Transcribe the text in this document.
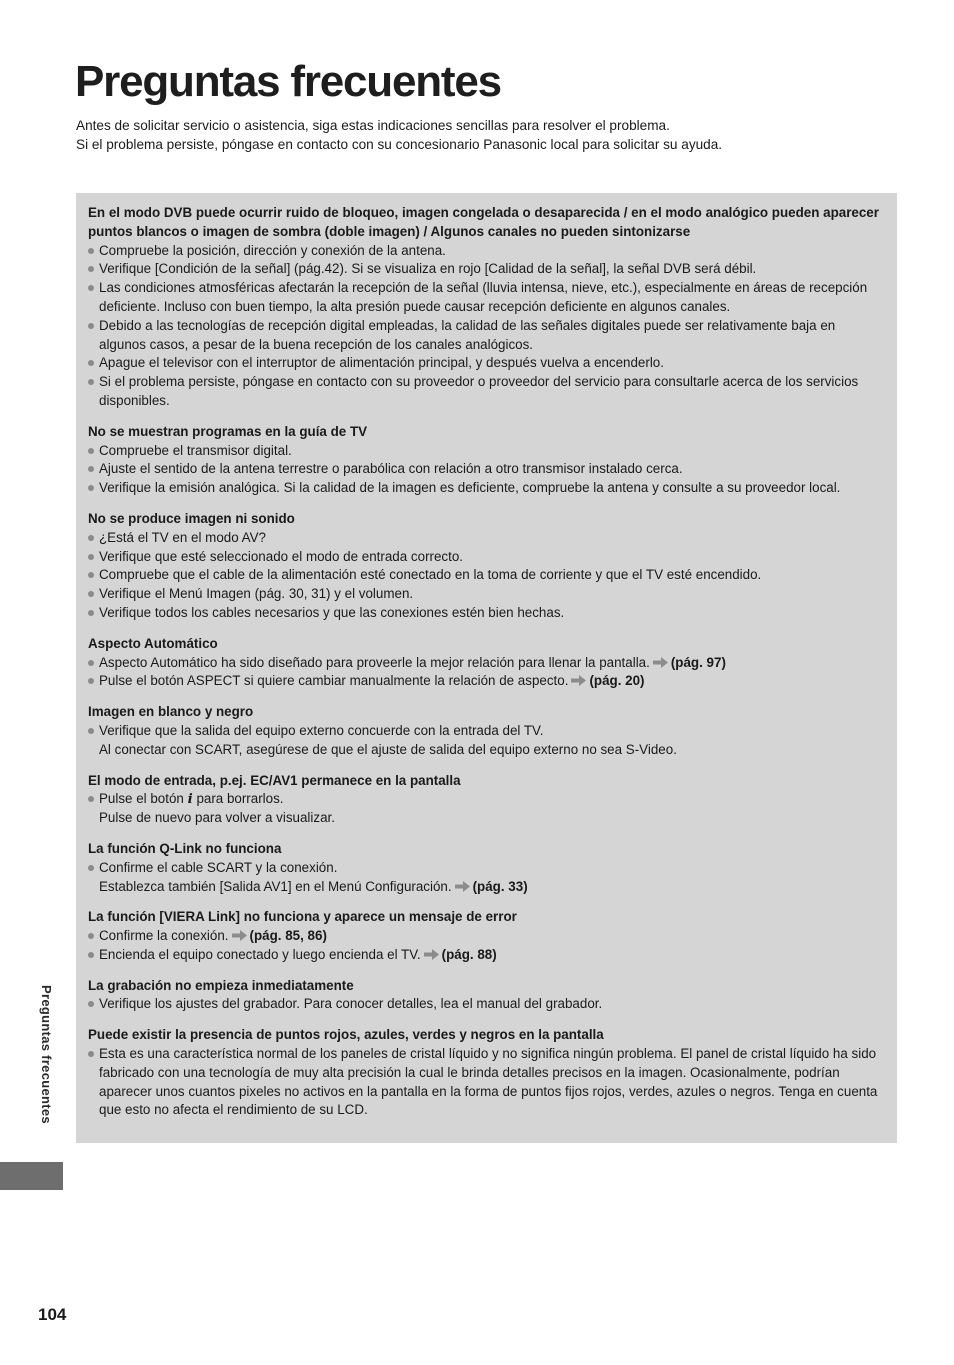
Preguntas frecuentes

Antes de solicitar servicio o asistencia, siga estas indicaciones sencillas para resolver el problema.

Si el problema persiste, póngase en contacto con su concesionario Panasonic local para solicitar su ayuda.

En el modo DVB puede ocurrir ruido de bloqueo, imagen congelada o desaparecida / en el modo analógico pueden aparecer puntos blancos o imagen de sombra (doble imagen) / Algunos canales no pueden sintonizarse
Compruebe la posición, dirección y conexión de la antena.
Verifique [Condición de la señal] (pág.42). Si se visualiza en rojo [Calidad de la señal], la señal DVB será débil.
Las condiciones atmosféricas afectarán la recepción de la señal (lluvia intensa, nieve, etc.), especialmente en áreas de recepción deficiente. Incluso con buen tiempo, la alta presión puede causar recepción deficiente en algunos canales.
Debido a las tecnologías de recepción digital empleadas, la calidad de las señales digitales puede ser relativamente baja en algunos casos, a pesar de la buena recepción de los canales analógicos.
Apague el televisor con el interruptor de alimentación principal, y después vuelva a encenderlo.
Si el problema persiste, póngase en contacto con su proveedor o proveedor del servicio para consultarle acerca de los servicios disponibles.
No se muestran programas en la guía de TV
Compruebe el transmisor digital.
Ajuste el sentido de la antena terrestre o parabólica con relación a otro transmisor instalado cerca.
Verifique la emisión analógica. Si la calidad de la imagen es deficiente, compruebe la antena y consulte a su proveedor local.
No se produce imagen ni sonido
¿Está el TV en el modo AV?
Verifique que esté seleccionado el modo de entrada correcto.
Compruebe que el cable de la alimentación esté conectado en la toma de corriente y que el TV esté encendido.
Verifique el Menú Imagen (pág. 30, 31) y el volumen.
Verifique todos los cables necesarios y que las conexiones estén bien hechas.
Aspecto Automático
Aspecto Automático ha sido diseñado para proveerle la mejor relación para llenar la pantalla. (pág. 97)
Pulse el botón ASPECT si quiere cambiar manualmente la relación de aspecto. (pág. 20)
Imagen en blanco y negro
Verifique que la salida del equipo externo concuerde con la entrada del TV.
Al conectar con SCART, asegúrese de que el ajuste de salida del equipo externo no sea S-Video.
El modo de entrada, p.ej. EC/AV1 permanece en la pantalla
Pulse el botón i para borrarlos.
Pulse de nuevo para volver a visualizar.
La función Q-Link no funciona
Confirme el cable SCART y la conexión.
Establezca también [Salida AV1] en el Menú Configuración. (pág. 33)
La función [VIERA Link] no funciona y aparece un mensaje de error
Confirme la conexión. (pág. 85, 86)
Encienda el equipo conectado y luego encienda el TV. (pág. 88)
La grabación no empieza inmediatamente
Verifique los ajustes del grabador. Para conocer detalles, lea el manual del grabador.
Puede existir la presencia de puntos rojos, azules, verdes y negros en la pantalla
Esta es una característica normal de los paneles de cristal líquido y no significa ningún problema. El panel de cristal líquido ha sido fabricado con una tecnología de muy alta precisión la cual le brinda detalles precisos en la imagen. Ocasionalmente, podrían aparecer unos cuantos pixeles no activos en la pantalla en la forma de puntos fijos rojos, verdes, azules o negros. Tenga en cuenta que esto no afecta el rendimiento de su LCD.
Preguntas frecuentes
104
